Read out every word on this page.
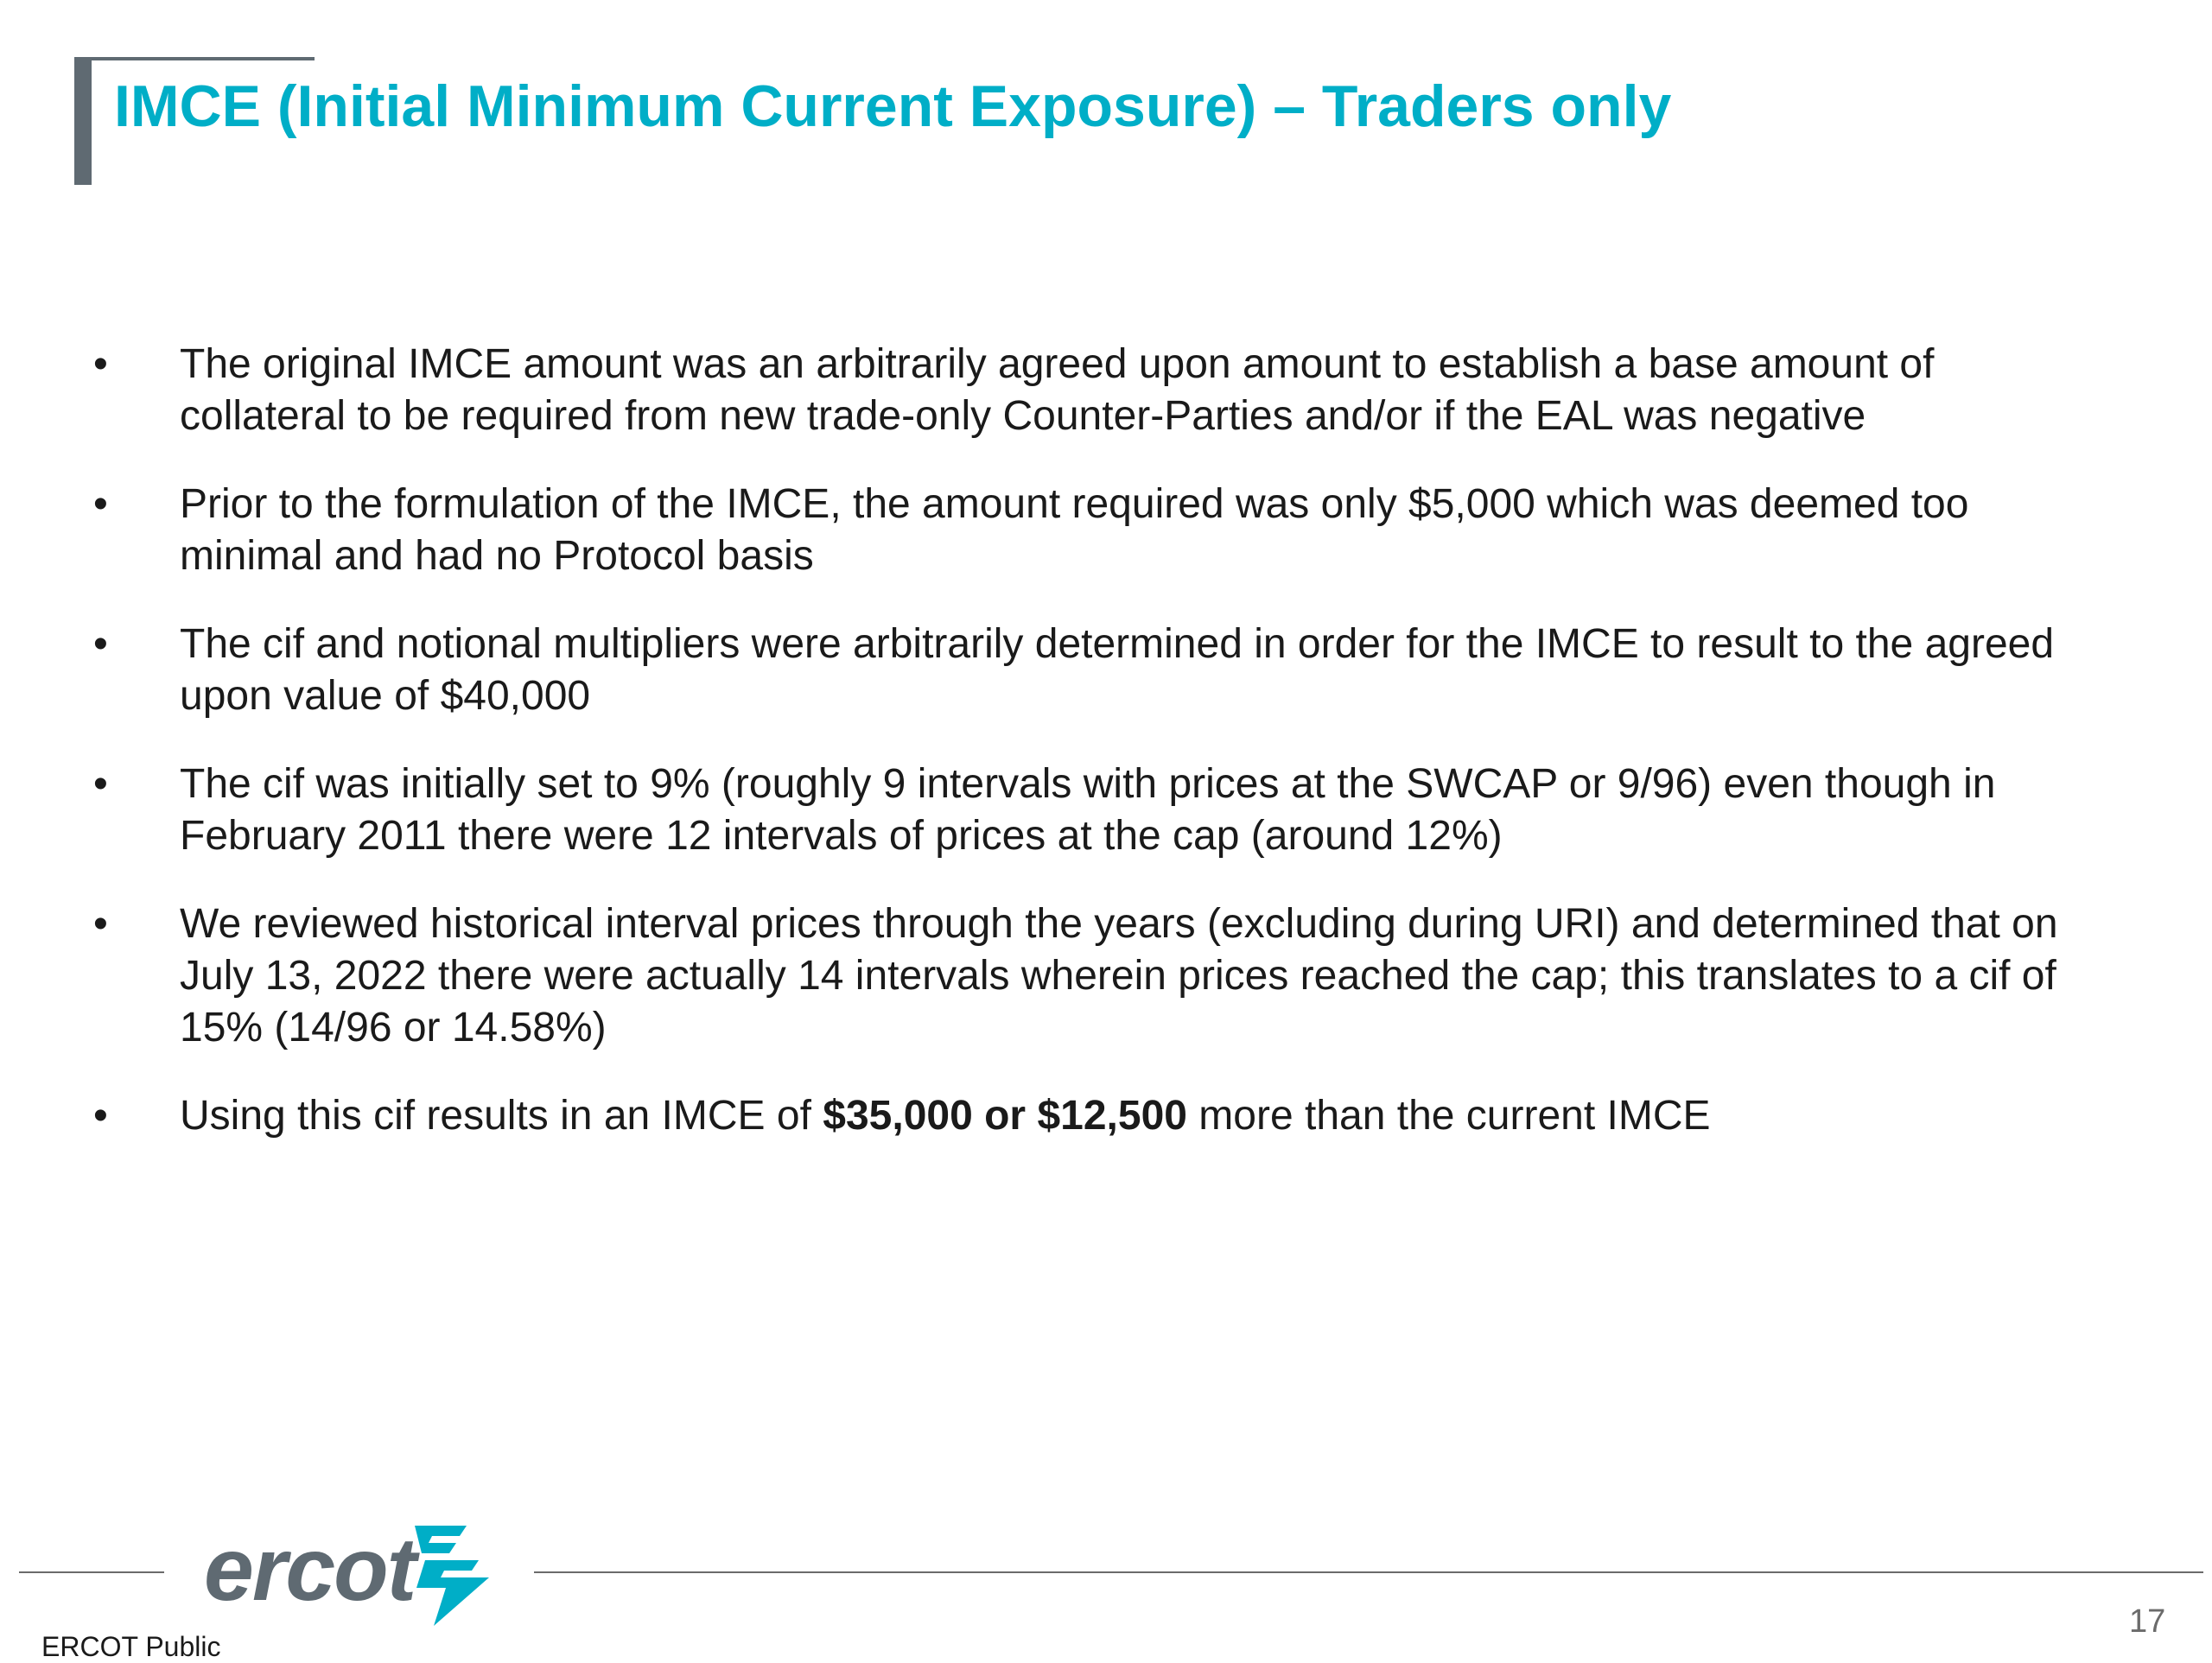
IMCE (Initial Minimum Current Exposure) – Traders only
• The original IMCE amount was an arbitrarily agreed upon amount to establish a base amount of collateral to be required from new trade-only Counter-Parties and/or if the EAL was negative
• Prior to the formulation of the IMCE, the amount required was only $5,000 which was deemed too minimal and had no Protocol basis
• The cif and notional multipliers were arbitrarily determined in order for the IMCE to result to the agreed upon value of $40,000
• The cif was initially set to 9% (roughly 9 intervals with prices at the SWCAP or 9/96) even though in February 2011 there were 12 intervals of prices at the cap (around 12%)
• We reviewed historical interval prices through the years (excluding during URI) and determined that on July 13, 2022 there were actually 14 intervals wherein prices reached the cap; this translates to a cif of 15% (14/96 or 14.58%)
• Using this cif results in an IMCE of $35,000 or $12,500 more than the current IMCE
ercot
ERCOT Public
17
